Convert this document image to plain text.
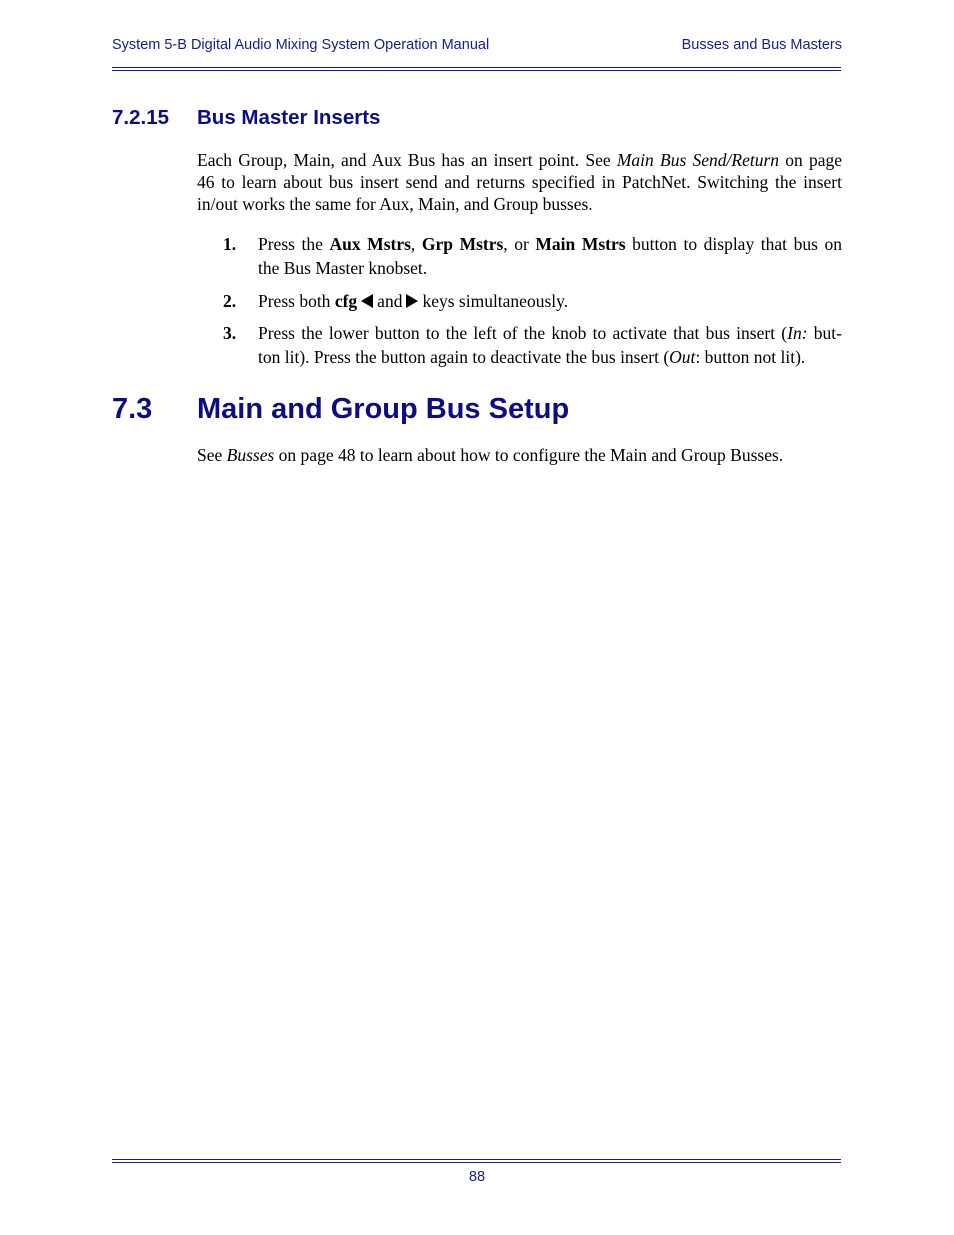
System 5-B Digital Audio Mixing System Operation Manual	Busses and Bus Masters
7.2.15 Bus Master Inserts
Each Group, Main, and Aux Bus has an insert point. See Main Bus Send/Return on page
46 to learn about bus insert send and returns specified in PatchNet. Switching the insert
in/out works the same for Aux, Main, and Group busses.
1. Press the Aux Mstrs, Grp Mstrs, or Main Mstrs button to display that bus on
the Bus Master knobset.
2. Press both cfg and keys simultaneously.
3. Press the lower button to the left of the knob to activate that bus insert (In: but-
ton lit). Press the button again to deactivate the bus insert (Out: button not lit).
7.3 Main and Group Bus Setup
See Busses on page 48 to learn about how to configure the Main and Group Busses.
88
